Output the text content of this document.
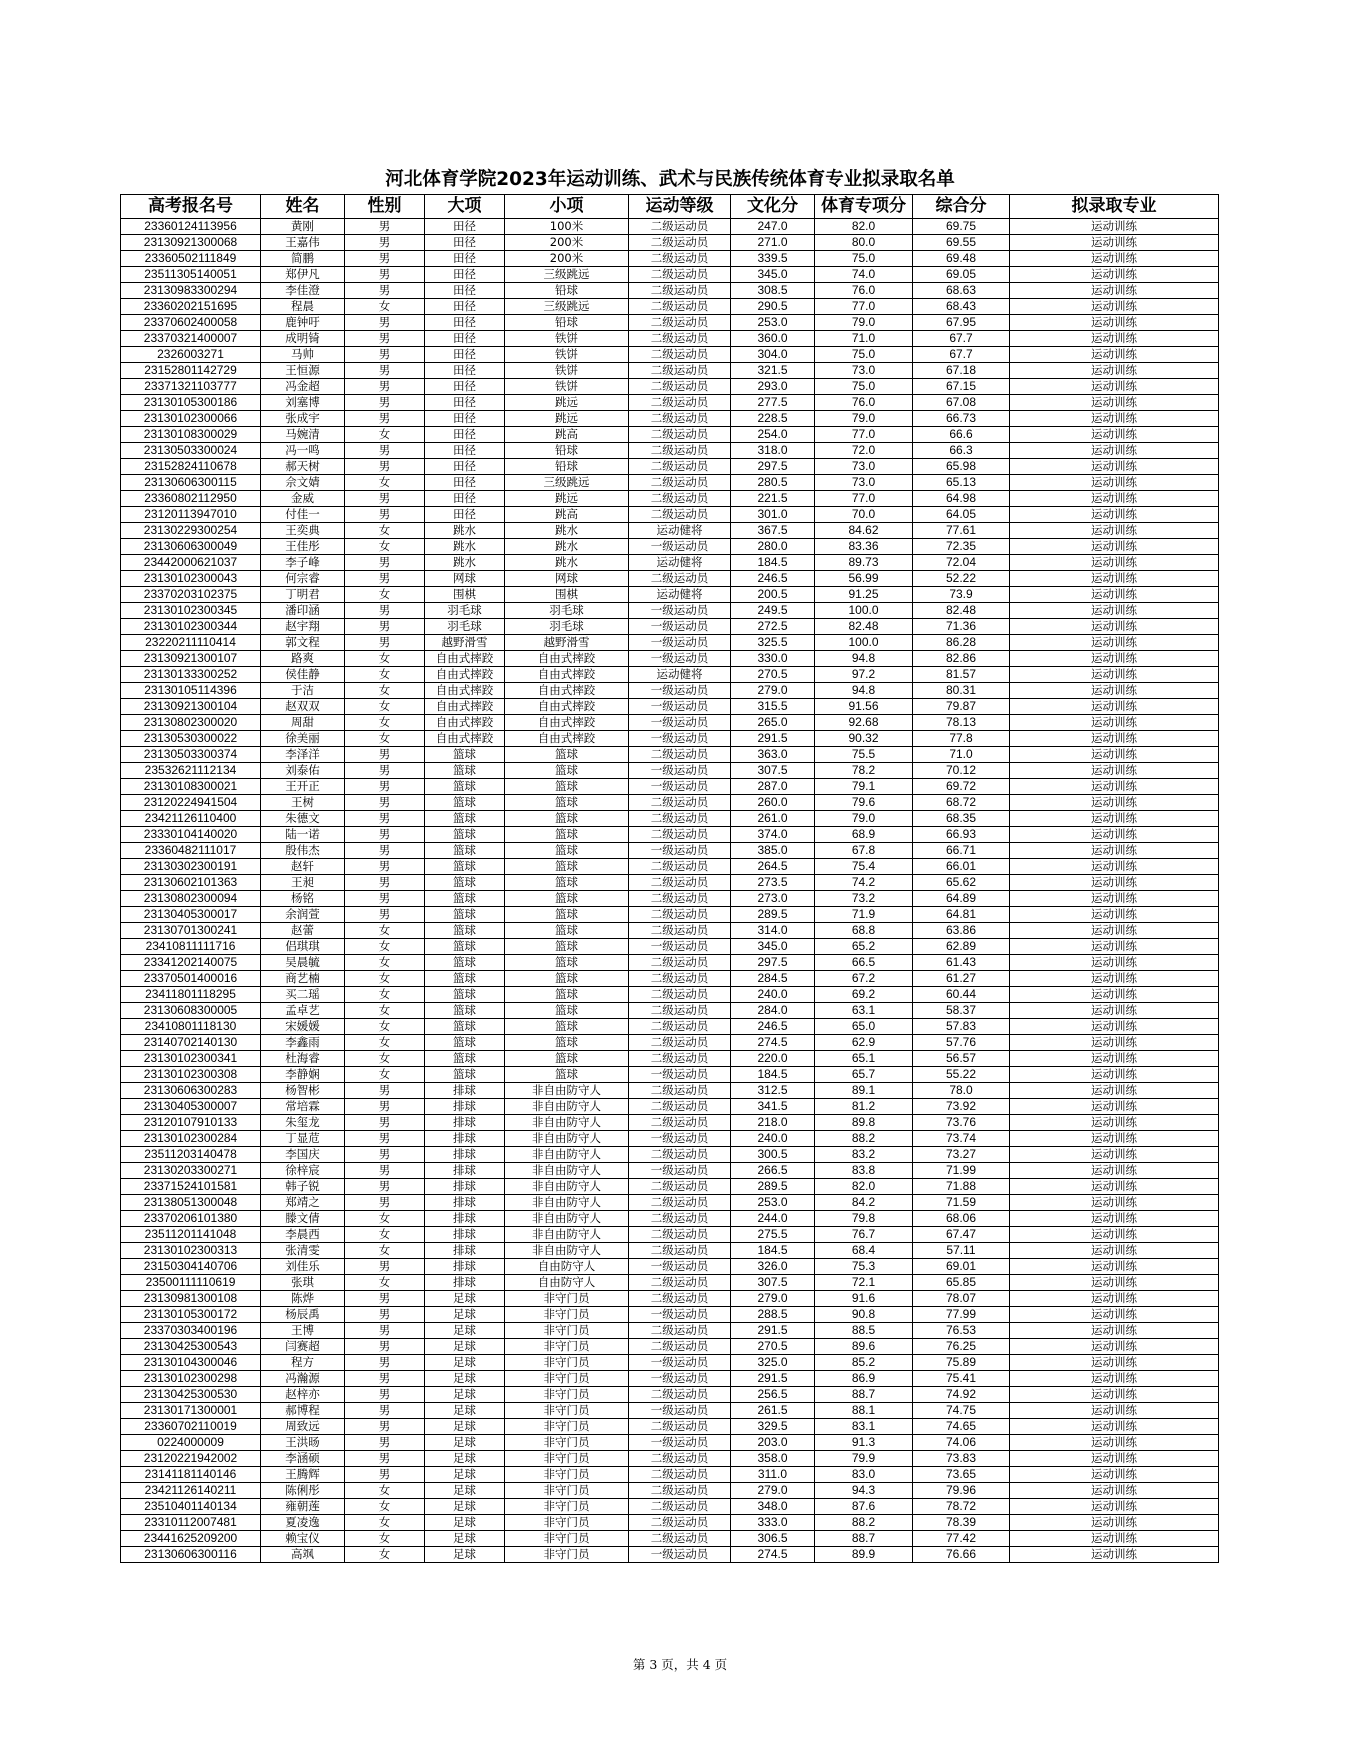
河北体育学院2023年运动训练、武术与民族传统体育专业拟录取名单
高考报名号	姓名	性别	大项	小项	运动等级	文化分	体育专项分	综合分	拟录取专业
23360124113956	黄刚	男	田径	100米	二级运动员	247.0	82.0	69.75	运动训练
23130921300068	王嘉伟	男	田径	200米	二级运动员	271.0	80.0	69.55	运动训练
23360502111849	简鹏	男	田径	200米	二级运动员	339.5	75.0	69.48	运动训练
23511305140051	郑伊凡	男	田径	三级跳远	二级运动员	345.0	74.0	69.05	运动训练
23130983300294	李佳澄	男	田径	铅球	二级运动员	308.5	76.0	68.63	运动训练
23360202151695	程晨	女	田径	三级跳远	二级运动员	290.5	77.0	68.43	运动训练
23370602400058	鹿钟吁	男	田径	铅球	二级运动员	253.0	79.0	67.95	运动训练
23370321400007	成明锜	男	田径	铁饼	二级运动员	360.0	71.0	67.7	运动训练
2326003271	马帅	男	田径	铁饼	二级运动员	304.0	75.0	67.7	运动训练
23152801142729	王恒源	男	田径	铁饼	二级运动员	321.5	73.0	67.18	运动训练
23371321103777	冯金超	男	田径	铁饼	二级运动员	293.0	75.0	67.15	运动训练
23130105300186	刘塞博	男	田径	跳远	二级运动员	277.5	76.0	67.08	运动训练
23130102300066	张成宇	男	田径	跳远	二级运动员	228.5	79.0	66.73	运动训练
23130108300029	马婉清	女	田径	跳高	二级运动员	254.0	77.0	66.6	运动训练
23130503300024	冯一鸣	男	田径	铅球	二级运动员	318.0	72.0	66.3	运动训练
23152824110678	郝天树	男	田径	铅球	二级运动员	297.5	73.0	65.98	运动训练
23130606300115	佘文婧	女	田径	三级跳远	二级运动员	280.5	73.0	65.13	运动训练
23360802112950	金威	男	田径	跳远	二级运动员	221.5	77.0	64.98	运动训练
23120113947010	付佳一	男	田径	跳高	二级运动员	301.0	70.0	64.05	运动训练
23130229300254	王奕典	女	跳水	跳水	运动健将	367.5	84.62	77.61	运动训练
23130606300049	王佳彤	女	跳水	跳水	一级运动员	280.0	83.36	72.35	运动训练
23442000621037	李子峰	男	跳水	跳水	运动健将	184.5	89.73	72.04	运动训练
23130102300043	何宗睿	男	网球	网球	二级运动员	246.5	56.99	52.22	运动训练
23370203102375	丁明君	女	围棋	围棋	运动健将	200.5	91.25	73.9	运动训练
23130102300345	潘印涵	男	羽毛球	羽毛球	一级运动员	249.5	100.0	82.48	运动训练
23130102300344	赵宇翔	男	羽毛球	羽毛球	一级运动员	272.5	82.48	71.36	运动训练
23220211110414	郭文程	男	越野滑雪	越野滑雪	一级运动员	325.5	100.0	86.28	运动训练
23130921300107	路爽	女	自由式摔跤	自由式摔跤	一级运动员	330.0	94.8	82.86	运动训练
23130133300252	侯佳静	女	自由式摔跤	自由式摔跤	运动健将	270.5	97.2	81.57	运动训练
23130105114396	于洁	女	自由式摔跤	自由式摔跤	一级运动员	279.0	94.8	80.31	运动训练
23130921300104	赵双双	女	自由式摔跤	自由式摔跤	一级运动员	315.5	91.56	79.87	运动训练
23130802300020	周甜	女	自由式摔跤	自由式摔跤	一级运动员	265.0	92.68	78.13	运动训练
23130530300022	徐美丽	女	自由式摔跤	自由式摔跤	一级运动员	291.5	90.32	77.8	运动训练
23130503300374	李泽洋	男	篮球	篮球	二级运动员	363.0	75.5	71.0	运动训练
23532621112134	刘泰佑	男	篮球	篮球	一级运动员	307.5	78.2	70.12	运动训练
23130108300021	王开正	男	篮球	篮球	一级运动员	287.0	79.1	69.72	运动训练
23120224941504	王树	男	篮球	篮球	二级运动员	260.0	79.6	68.72	运动训练
23421126110400	朱德文	男	篮球	篮球	二级运动员	261.0	79.0	68.35	运动训练
23330104140020	陆一诺	男	篮球	篮球	二级运动员	374.0	68.9	66.93	运动训练
23360482111017	殷伟杰	男	篮球	篮球	一级运动员	385.0	67.8	66.71	运动训练
23130302300191	赵轩	男	篮球	篮球	二级运动员	264.5	75.4	66.01	运动训练
23130602101363	王昶	男	篮球	篮球	二级运动员	273.5	74.2	65.62	运动训练
23130802300094	杨铭	男	篮球	篮球	二级运动员	273.0	73.2	64.89	运动训练
23130405300017	余润萱	男	篮球	篮球	二级运动员	289.5	71.9	64.81	运动训练
23130701300241	赵蕾	女	篮球	篮球	二级运动员	314.0	68.8	63.86	运动训练
23410811111716	侣琪琪	女	篮球	篮球	一级运动员	345.0	65.2	62.89	运动训练
23341202140075	吴晨毓	女	篮球	篮球	二级运动员	297.5	66.5	61.43	运动训练
23370501400016	商艺楠	女	篮球	篮球	二级运动员	284.5	67.2	61.27	运动训练
23411801118295	买二瑶	女	篮球	篮球	二级运动员	240.0	69.2	60.44	运动训练
23130608300005	孟卓艺	女	篮球	篮球	二级运动员	284.0	63.1	58.37	运动训练
23410801118130	宋媛媛	女	篮球	篮球	二级运动员	246.5	65.0	57.83	运动训练
23140702140130	李鑫雨	女	篮球	篮球	二级运动员	274.5	62.9	57.76	运动训练
23130102300341	杜海睿	女	篮球	篮球	二级运动员	220.0	65.1	56.57	运动训练
23130102300308	李静娴	女	篮球	篮球	一级运动员	184.5	65.7	55.22	运动训练
23130606300283	杨智彬	男	排球	非自由防守人	二级运动员	312.5	89.1	78.0	运动训练
23130405300007	常培霖	男	排球	非自由防守人	二级运动员	341.5	81.2	73.92	运动训练
23120107910133	朱玺龙	男	排球	非自由防守人	二级运动员	218.0	89.8	73.76	运动训练
23130102300284	丁显苊	男	排球	非自由防守人	一级运动员	240.0	88.2	73.74	运动训练
23511203140478	李国庆	男	排球	非自由防守人	二级运动员	300.5	83.2	73.27	运动训练
23130203300271	徐梓宸	男	排球	非自由防守人	一级运动员	266.5	83.8	71.99	运动训练
23371524101581	韩子锐	男	排球	非自由防守人	二级运动员	289.5	82.0	71.88	运动训练
23138051300048	郑靖之	男	排球	非自由防守人	二级运动员	253.0	84.2	71.59	运动训练
23370206101380	滕文倩	女	排球	非自由防守人	二级运动员	244.0	79.8	68.06	运动训练
23511201141048	李晨西	女	排球	非自由防守人	二级运动员	275.5	76.7	67.47	运动训练
23130102300313	张清雯	女	排球	非自由防守人	二级运动员	184.5	68.4	57.11	运动训练
23150304140706	刘佳乐	男	排球	自由防守人	一级运动员	326.0	75.3	69.01	运动训练
23500111110619	张琪	女	排球	自由防守人	二级运动员	307.5	72.1	65.85	运动训练
23130981300108	陈烨	男	足球	非守门员	二级运动员	279.0	91.6	78.07	运动训练
23130105300172	杨辰禹	男	足球	非守门员	一级运动员	288.5	90.8	77.99	运动训练
23370303400196	王博	男	足球	非守门员	二级运动员	291.5	88.5	76.53	运动训练
23130425300543	闫赛超	男	足球	非守门员	二级运动员	270.5	89.6	76.25	运动训练
23130104300046	程方	男	足球	非守门员	一级运动员	325.0	85.2	75.89	运动训练
23130102300298	冯瀚源	男	足球	非守门员	一级运动员	291.5	86.9	75.41	运动训练
23130425300530	赵梓亦	男	足球	非守门员	二级运动员	256.5	88.7	74.92	运动训练
23130171300001	郝博程	男	足球	非守门员	一级运动员	261.5	88.1	74.75	运动训练
23360702110019	周致远	男	足球	非守门员	二级运动员	329.5	83.1	74.65	运动训练
0224000009	王洪旸	男	足球	非守门员	一级运动员	203.0	91.3	74.06	运动训练
23120221942002	李涵硕	男	足球	非守门员	二级运动员	358.0	79.9	73.83	运动训练
23141181140146	王腾辉	男	足球	非守门员	二级运动员	311.0	83.0	73.65	运动训练
23421126140211	陈俐彤	女	足球	非守门员	二级运动员	279.0	94.3	79.96	运动训练
23510401140134	雍朝莲	女	足球	非守门员	二级运动员	348.0	87.6	78.72	运动训练
23310112007481	夏凌逸	女	足球	非守门员	二级运动员	333.0	88.2	78.39	运动训练
23441625209200	赖宝仪	女	足球	非守门员	二级运动员	306.5	88.7	77.42	运动训练
23130606300116	高飒	女	足球	非守门员	一级运动员	274.5	89.9	76.66	运动训练
第 3 页，共 4 页
